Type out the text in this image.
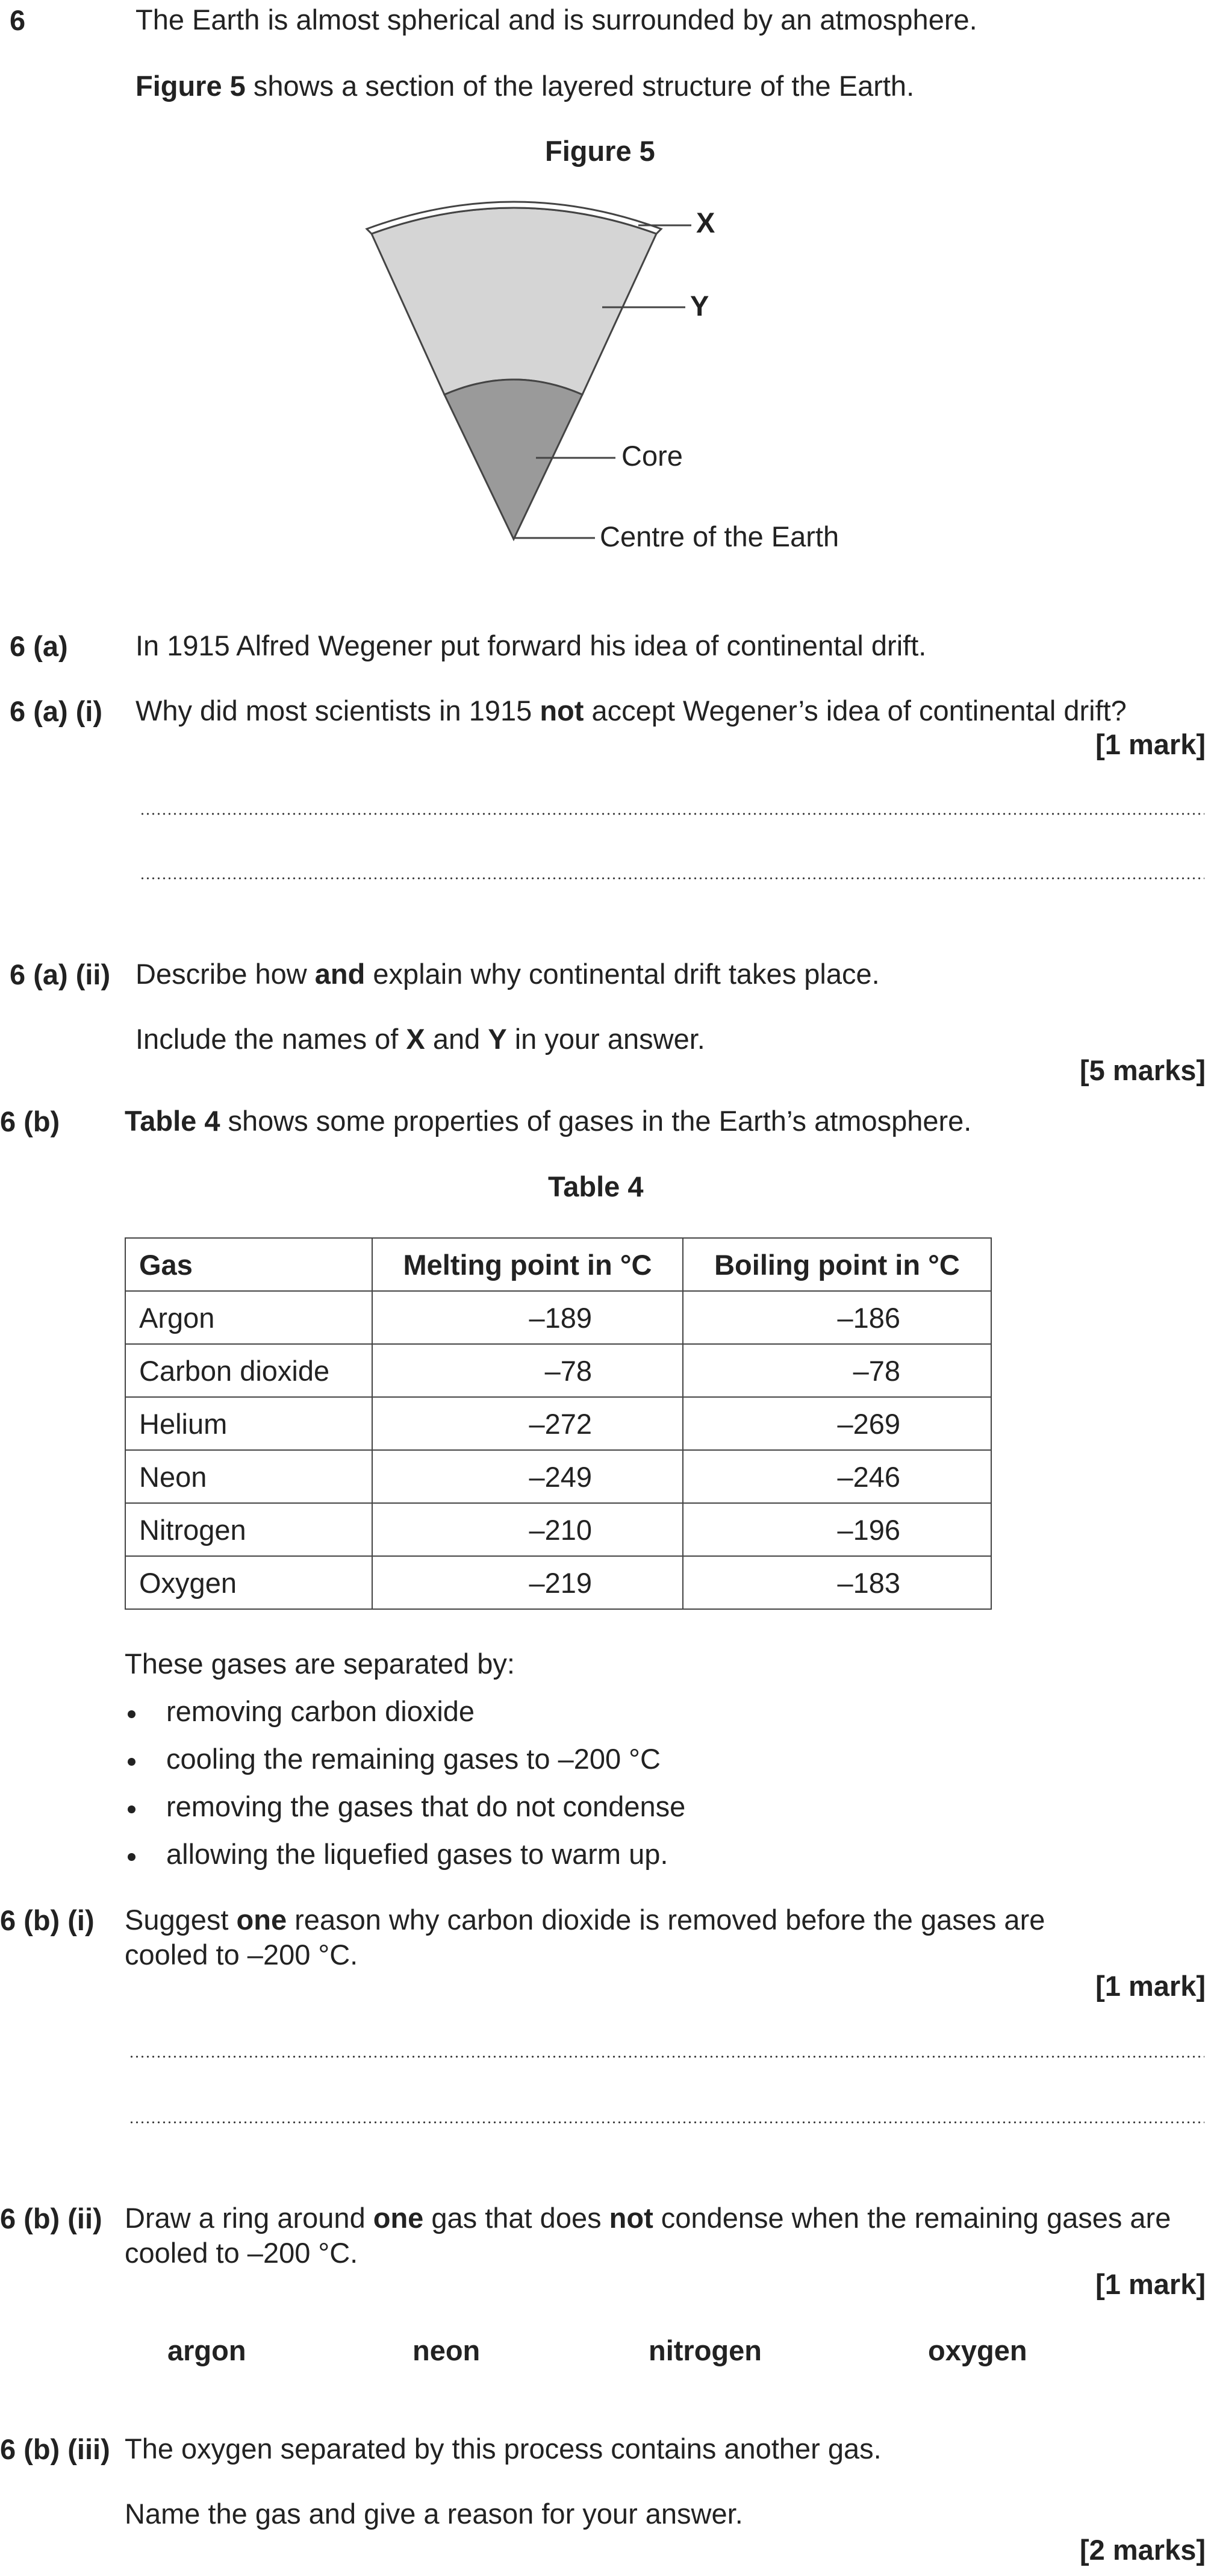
6	The Earth is almost spherical and is surrounded by an atmosphere.
Figure 5 shows a section of the layered structure of the Earth.
Figure 5
X
Y
Core
Centre of the Earth
6 (a) In 1915 Alfred Wegener put forward his idea of continental drift.
6 (a) (i) Why did most scientists in 1915 not accept Wegener’s idea of continental drift?
[1 mark]
6 (a) (ii) Describe how and explain why continental drift takes place.
Include the names of X and Y in your answer.
[5 marks]
6 (b) Table 4 shows some properties of gases in the Earth’s atmosphere.
Table 4
Gas	Melting point in °C	Boiling point in °C
Argon	–189	–186
Carbon dioxide	–78	–78
Helium	–272	–269
Neon	–249	–246
Nitrogen	–210	–196
Oxygen	–219	–183
These gases are separated by:
removing carbon dioxide
cooling the remaining gases to –200 °C
removing the gases that do not condense
allowing the liquefied gases to warm up.
6 (b) (i) Suggest one reason why carbon dioxide is removed before the gases are
cooled to –200 °C.
[1 mark]
6 (b) (ii) Draw a ring around one gas that does not condense when the remaining gases are
cooled to –200 °C.
[1 mark]
argon	neon	nitrogen	oxygen
6 (b) (iii) The oxygen separated by this process contains another gas.
Name the gas and give a reason for your answer.
[2 marks]
